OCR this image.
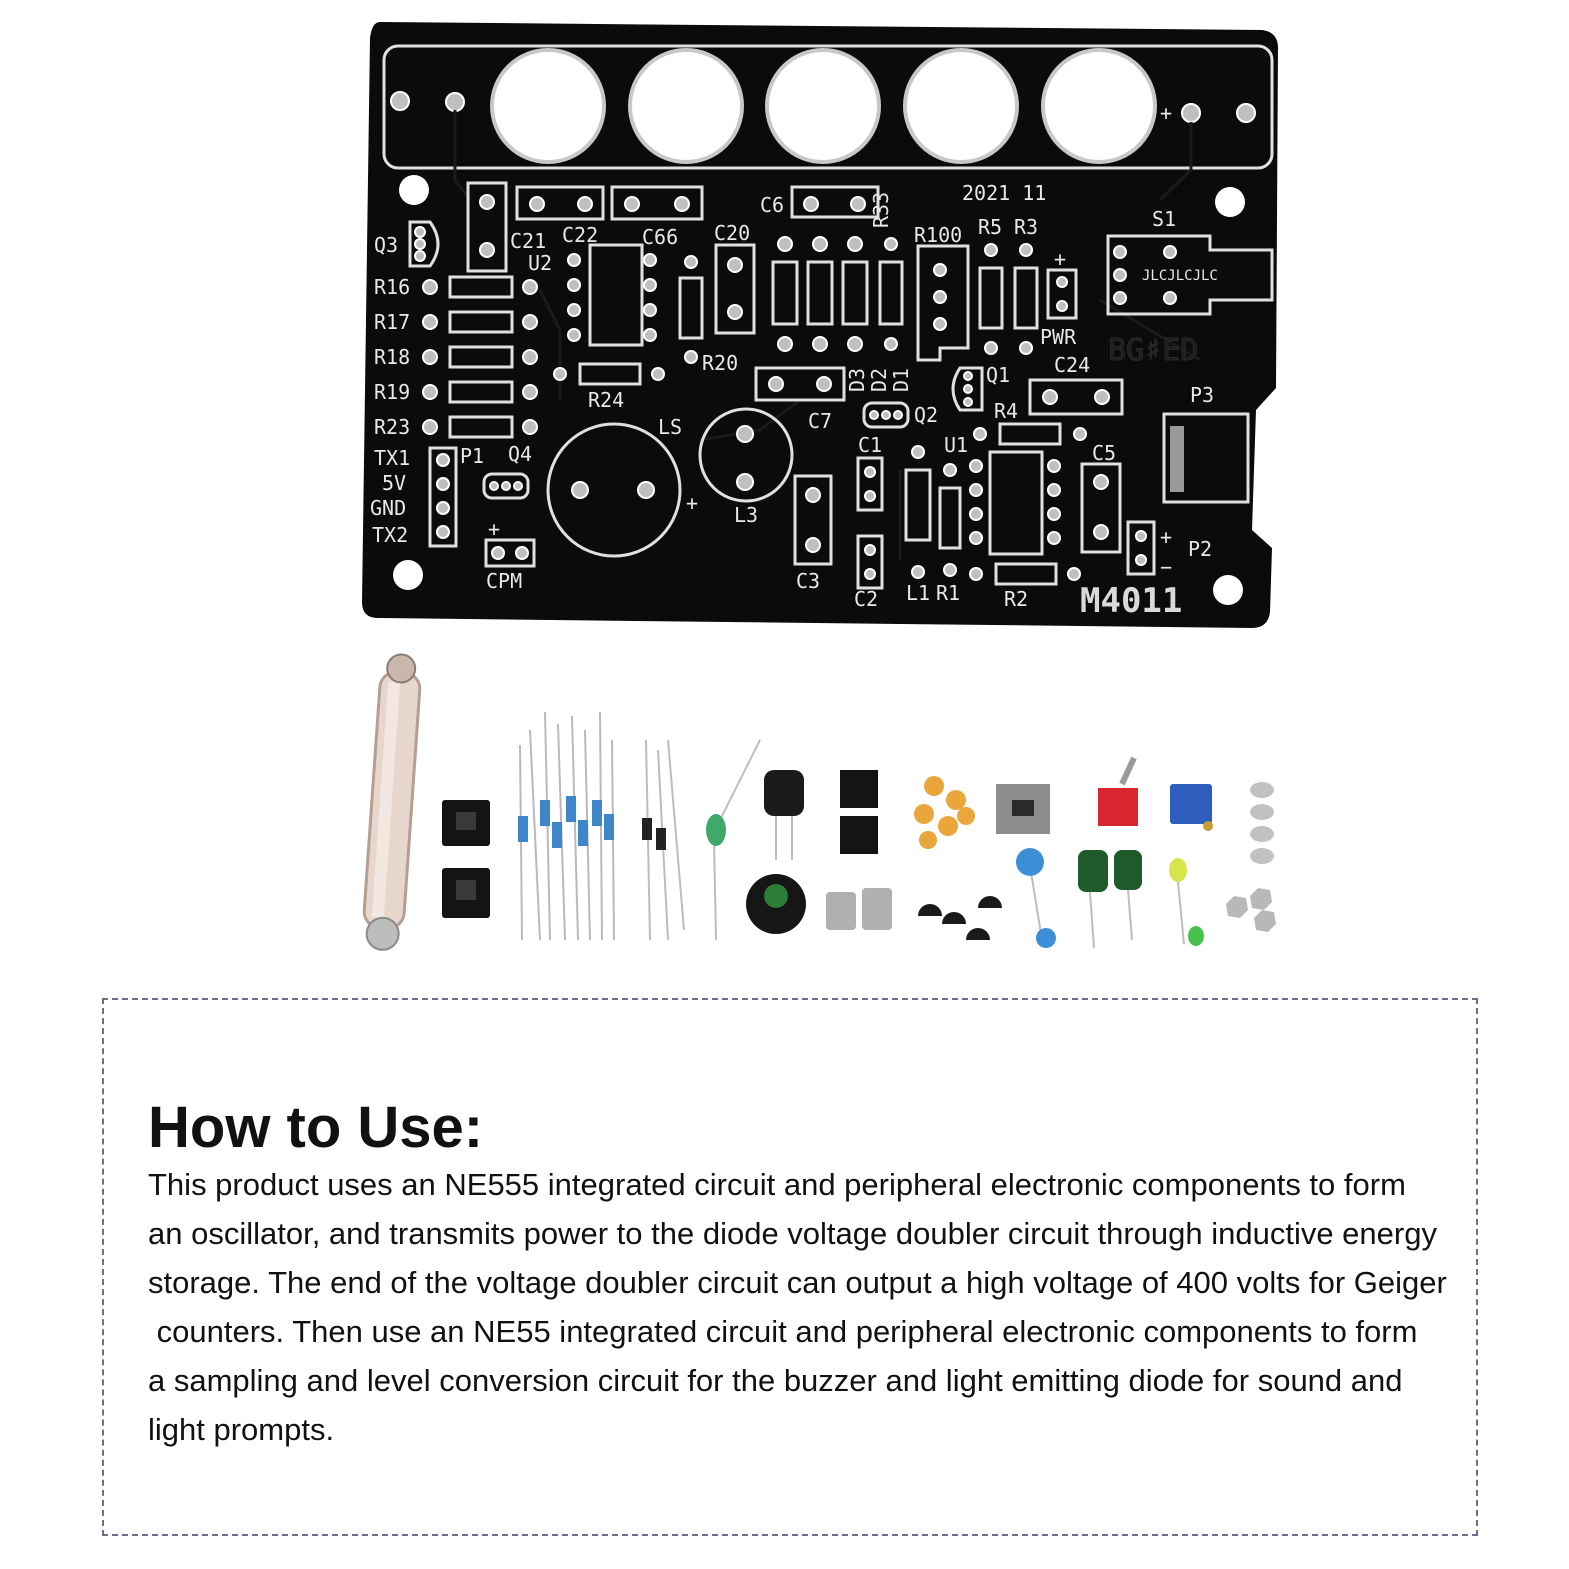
+
2021 11
Q3
R16
R17
R18
R19
R23
TX1
5V
GND
TX2
P1 Q4
+
CPM
C21 C22
U2
C66 C20
R20
R24
LS
+ L3
C6	R33
R100 R5 R3
+
PWR
S1
JLCJLCJLC
BG♯ED
D3
D2
D1
C7
Q1 C24
Q2	R4
P3
C1	U1	C5
C3
C2 L1 R1 R2
+
−
P2
M4011
How to Use:

This product uses an NE555 integrated circuit and peripheral electronic components to form
an oscillator, and transmits power to the diode voltage doubler circuit through inductive energy
storage. The end of the voltage doubler circuit can output a high voltage of 400 volts for Geiger
counters. Then use an NE55 integrated circuit and peripheral electronic components to form
a sampling and level conversion circuit for the buzzer and light emitting diode for sound and
light prompts.
